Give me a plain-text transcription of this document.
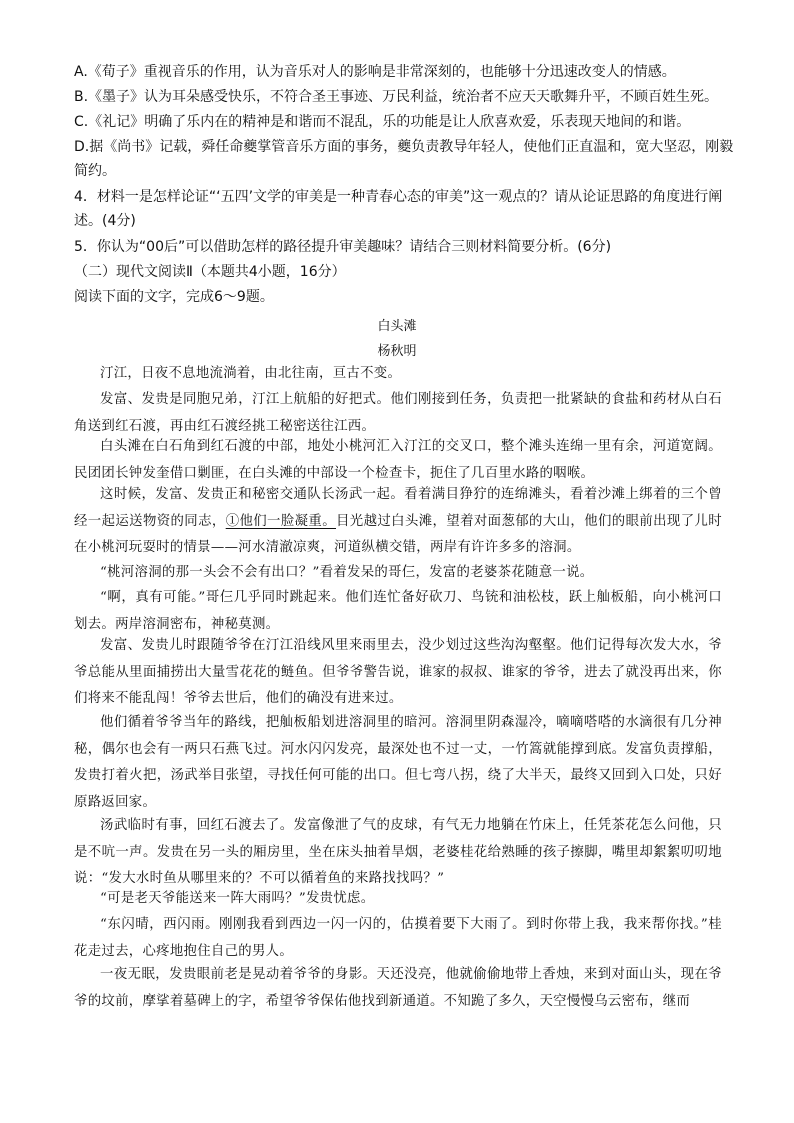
A.《荀子》重视音乐的作用，认为音乐对人的影响是非常深刻的，也能够十分迅速改变人的情感。
B.《墨子》认为耳朵感受快乐，不符合圣王事迹、万民利益，统治者不应天天歌舞升平，不顾百姓生死。
C.《礼记》明确了乐内在的精神是和谐而不混乱，乐的功能是让人欣喜欢爱，乐表现天地间的和谐。
D.据《尚书》记载，舜任命夔掌管音乐方面的事务，夔负责教导年轻人，使他们正直温和，宽大坚忍，刚毅简约。
4．材料一是怎样论证“‘五四’文学的审美是一种青春心态的审美”这一观点的？请从论证思路的角度进行阐述。(4分)
5．你认为“00后”可以借助怎样的路径提升审美趣味？请结合三则材料简要分析。(6分)
（二）现代文阅读Ⅱ（本题共4小题，16分）
阅读下面的文字，完成6～9题。
白头滩
杨秋明
汀江，日夜不息地流淌着，由北往南，亘古不变。
发富、发贵是同胞兄弟，汀江上航船的好把式。他们刚接到任务，负责把一批紧缺的食盐和药材从白石角送到红石渡，再由红石渡经挑工秘密送往江西。
白头滩在白石角到红石渡的中部，地处小桃河汇入汀江的交叉口，整个滩头连绵一里有余，河道宽阔。民团团长钟发奎借口剿匪，在白头滩的中部设一个检查卡，扼住了几百里水路的咽喉。
这时候，发富、发贵正和秘密交通队长汤武一起。看着满目狰狞的连绵滩头，看着沙滩上绑着的三个曾经一起运送物资的同志，①他们一脸凝重。目光越过白头滩，望着对面葱郁的大山，他们的眼前出现了儿时在小桃河玩耍时的情景——河水清澈凉爽，河道纵横交错，两岸有许许多多的溶洞。
“桃河溶洞的那一头会不会有出口？”看着发呆的哥仨，发富的老婆茶花随意一说。
“啊，真有可能。”哥仨几乎同时跳起来。他们连忙备好砍刀、鸟铳和油松枝，跃上舢板船，向小桃河口划去。两岸溶洞密布，神秘莫测。
发富、发贵儿时跟随爷爷在汀江沿线风里来雨里去，没少划过这些沟沟壑壑。他们记得每次发大水，爷爷总能从里面捕捞出大量雪花花的鲢鱼。但爷爷警告说，谁家的叔叔、谁家的爷爷，进去了就没再出来，你们将来不能乱闯！爷爷去世后，他们的确没有进来过。
他们循着爷爷当年的路线，把舢板船划进溶洞里的暗河。溶洞里阴森湿冷，嘀嘀嗒嗒的水滴很有几分神秘，偶尔也会有一两只石燕飞过。河水闪闪发亮，最深处也不过一丈，一竹篙就能撑到底。发富负责撑船，发贵打着火把，汤武举目张望，寻找任何可能的出口。但七弯八拐，绕了大半天，最终又回到入口处，只好原路返回家。
汤武临时有事，回红石渡去了。发富像泄了气的皮球，有气无力地躺在竹床上，任凭茶花怎么问他，只是不吭一声。发贵在另一头的厢房里，坐在床头抽着旱烟，老婆桂花给熟睡的孩子擦脚，嘴里却絮絮叨叨地说：“发大水时鱼从哪里来的？不可以循着鱼的来路找找吗？”
“可是老天爷能送来一阵大雨吗？”发贵忧虑。
“东闪晴，西闪雨。刚刚我看到西边一闪一闪的，估摸着要下大雨了。到时你带上我，我来帮你找。”桂花走过去，心疼地抱住自己的男人。
一夜无眠，发贵眼前老是晃动着爷爷的身影。天还没亮，他就偷偷地带上香烛，来到对面山头，现在爷爷的坟前，摩挲着墓碑上的字，希望爷爷保佑他找到新通道。不知跪了多久，天空慢慢乌云密布，继而
